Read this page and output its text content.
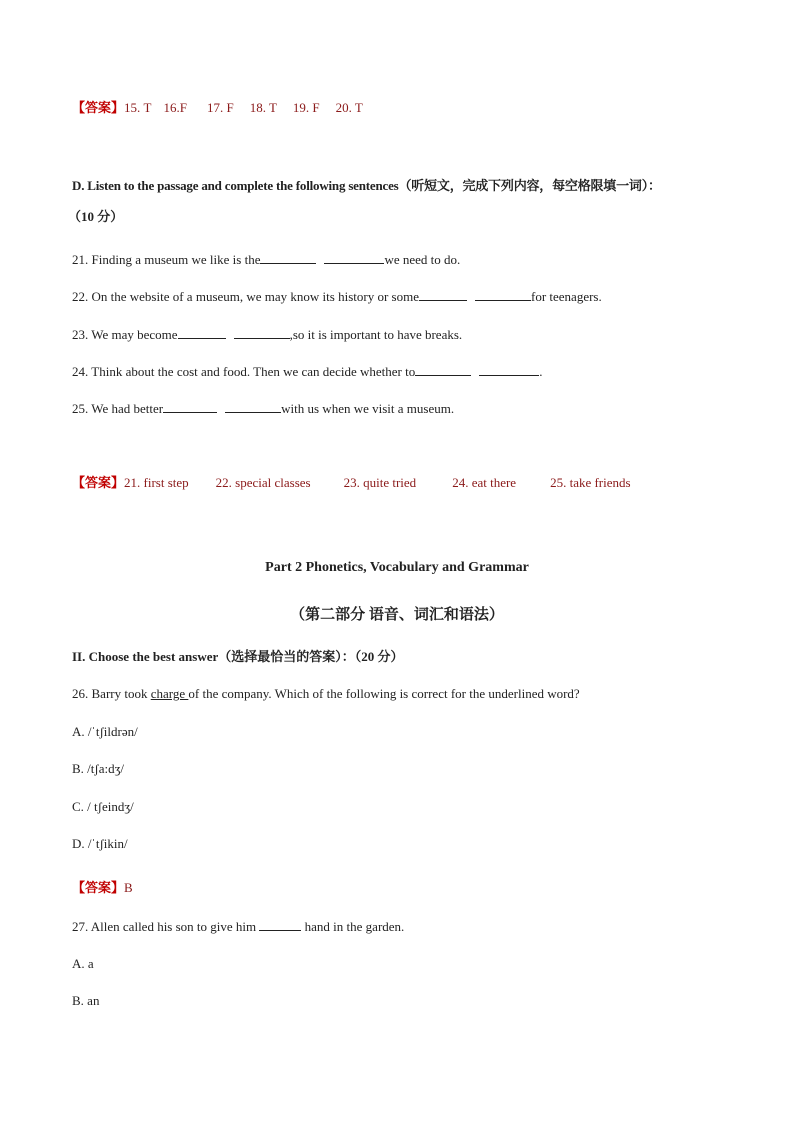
【答案】15. T 16.F 17. F 18. T 19. F 20. T
D. Listen to the passage and complete the following sentences（听短文，完成下列内容，每空格限填一词）：
（10 分）
21. Finding a museum we like is the	we need to do.
22. On the website of a museum, we may know its history or some	for teenagers.
23. We may become	,so it is important to have breaks.
24. Think about the cost and food. Then we can decide whether to	.
25. We had better	with us when we visit a museum.
【答案】21. first step 22. special classes	23. quite tried	24. eat there	25. take friends
Part 2 Phonetics, Vocabulary and Grammar
（第二部分 语音、词汇和语法）
II. Choose the best answer（选择最恰当的答案）：（20 分）
26. Barry took charge of the company. Which of the following is correct for the underlined word?
A. /ˈtʃildrən/
B. /tʃa:dʒ/
C. / tʃeindʒ/
D. /ˈtʃikin/
【答案】B
27. Allen called his son to give him	hand in the garden.
A. a
B. an
